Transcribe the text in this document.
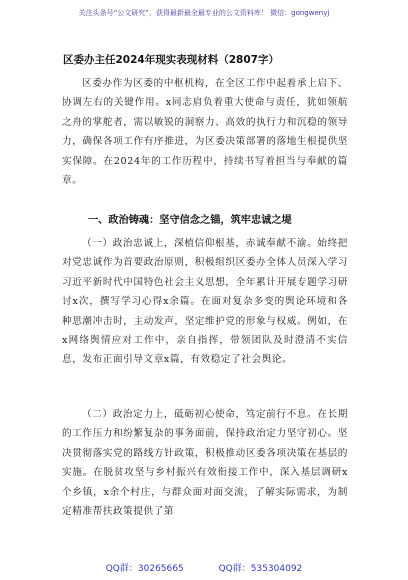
关注头条号“公文研究”，获得最新最全最专业的公文资料库！ 微信：gongwenyj
区委办主任2024年现实表现材料（2807字）
区委办作为区委的中枢机构，在全区工作中起着承上启下、协调左右的关键作用。x同志肩负着重大使命与责任，犹如领航之舟的掌舵者，需以敏锐的洞察力、高效的执行力和沉稳的领导力，确保各项工作有序推进，为区委决策部署的落地生根提供坚实保障。在2024年的工作历程中，持续书写着担当与奉献的篇章。
一、政治铸魂：坚守信念之锚，筑牢忠诚之堤
（一）政治忠诚上，深植信仰根基，赤诚奉献不渝。始终把对党忠诚作为首要政治原则，积极组织区委办全体人员深入学习习近平新时代中国特色社会主义思想，全年累计开展专题学习研讨x次，撰写学习心得x余篇。在面对复杂多变的舆论环境和各种思潮冲击时，主动发声，坚定维护党的形象与权威。例如，在x网络舆情应对工作中，亲自指挥，带领团队及时澄清不实信息，发布正面引导文章x篇，有效稳定了社会舆论。
（二）政治定力上，砥砺初心使命，笃定前行不息。在长期的工作压力和纷繁复杂的事务面前，保持政治定力坚守初心。坚决贯彻落实党的路线方针政策，积极推动区委各项决策在基层的实施。在脱贫攻坚与乡村振兴有效衔接工作中，深入基层调研x个乡镇，x余个村庄，与群众面对面交流，了解实际需求，为制定精准帮扶政策提供了第
QQ群：30265665	QQ群：535304092
